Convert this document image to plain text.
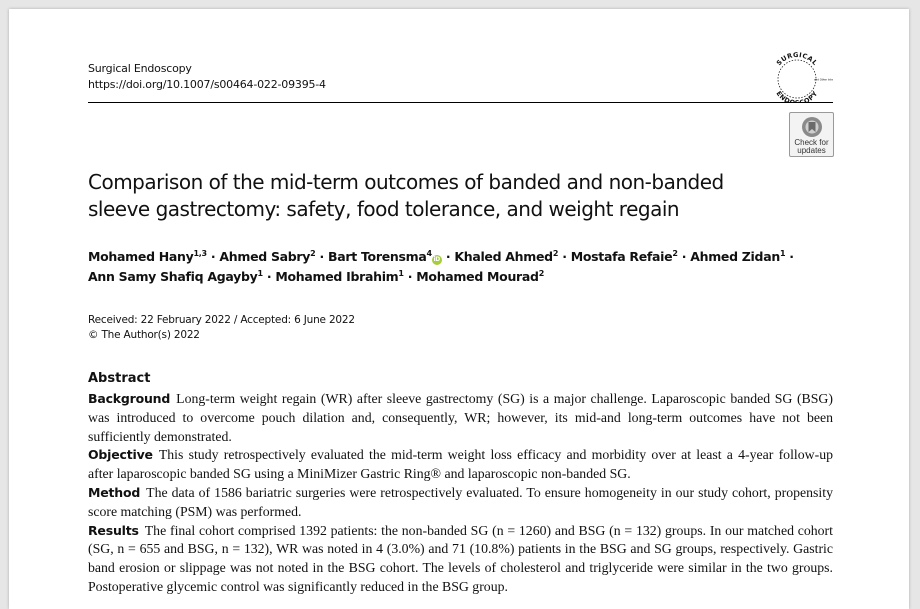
Surgical Endoscopy
https://doi.org/10.1007/s00464-022-09395-4
SURGICAL
ENDOSCOPY
and Other Int
Check for
updates
Comparison of the mid-term outcomes of banded and non-banded
sleeve gastrectomy: safety, food tolerance, and weight regain
Mohamed Hany$^{1,3}$ · Ahmed Sabry$^2$ · Bart Torensma$^4$iD · Khaled Ahmed$^2$ · Mostafa Refaie$^2$ · Ahmed Zidan$^1$ ·
Ann Samy Shafiq Agayby$^1$ · Mohamed Ibrahim$^1$ · Mohamed Mourad$^2$
Received: 22 February 2022 / Accepted: 6 June 2022
© The Author(s) 2022
Abstract

Background Long-term weight regain (WR) after sleeve gastrectomy (SG) is a major challenge. Laparoscopic banded SG (BSG) was introduced to overcome pouch dilation and, consequently, WR; however, its mid-and long-term outcomes have not been sufficiently demonstrated.

Objective This study retrospectively evaluated the mid-term weight loss efficacy and morbidity over at least a 4-year follow-up after laparoscopic banded SG using a MiniMizer Gastric Ring® and laparoscopic non-banded SG.

Method The data of 1586 bariatric surgeries were retrospectively evaluated. To ensure homogeneity in our study cohort, propensity score matching (PSM) was performed.

Results The final cohort comprised 1392 patients: the non-banded SG (n = 1260) and BSG (n = 132) groups. In our matched cohort (SG, n = 655 and BSG, n = 132), WR was noted in 4 (3.0%) and 71 (10.8%) patients in the BSG and SG groups, respectively. Gastric band erosion or slippage was not noted in the BSG cohort. The levels of cholesterol and triglyceride were similar in the two groups. Postoperative glycemic control was significantly reduced in the BSG group.
